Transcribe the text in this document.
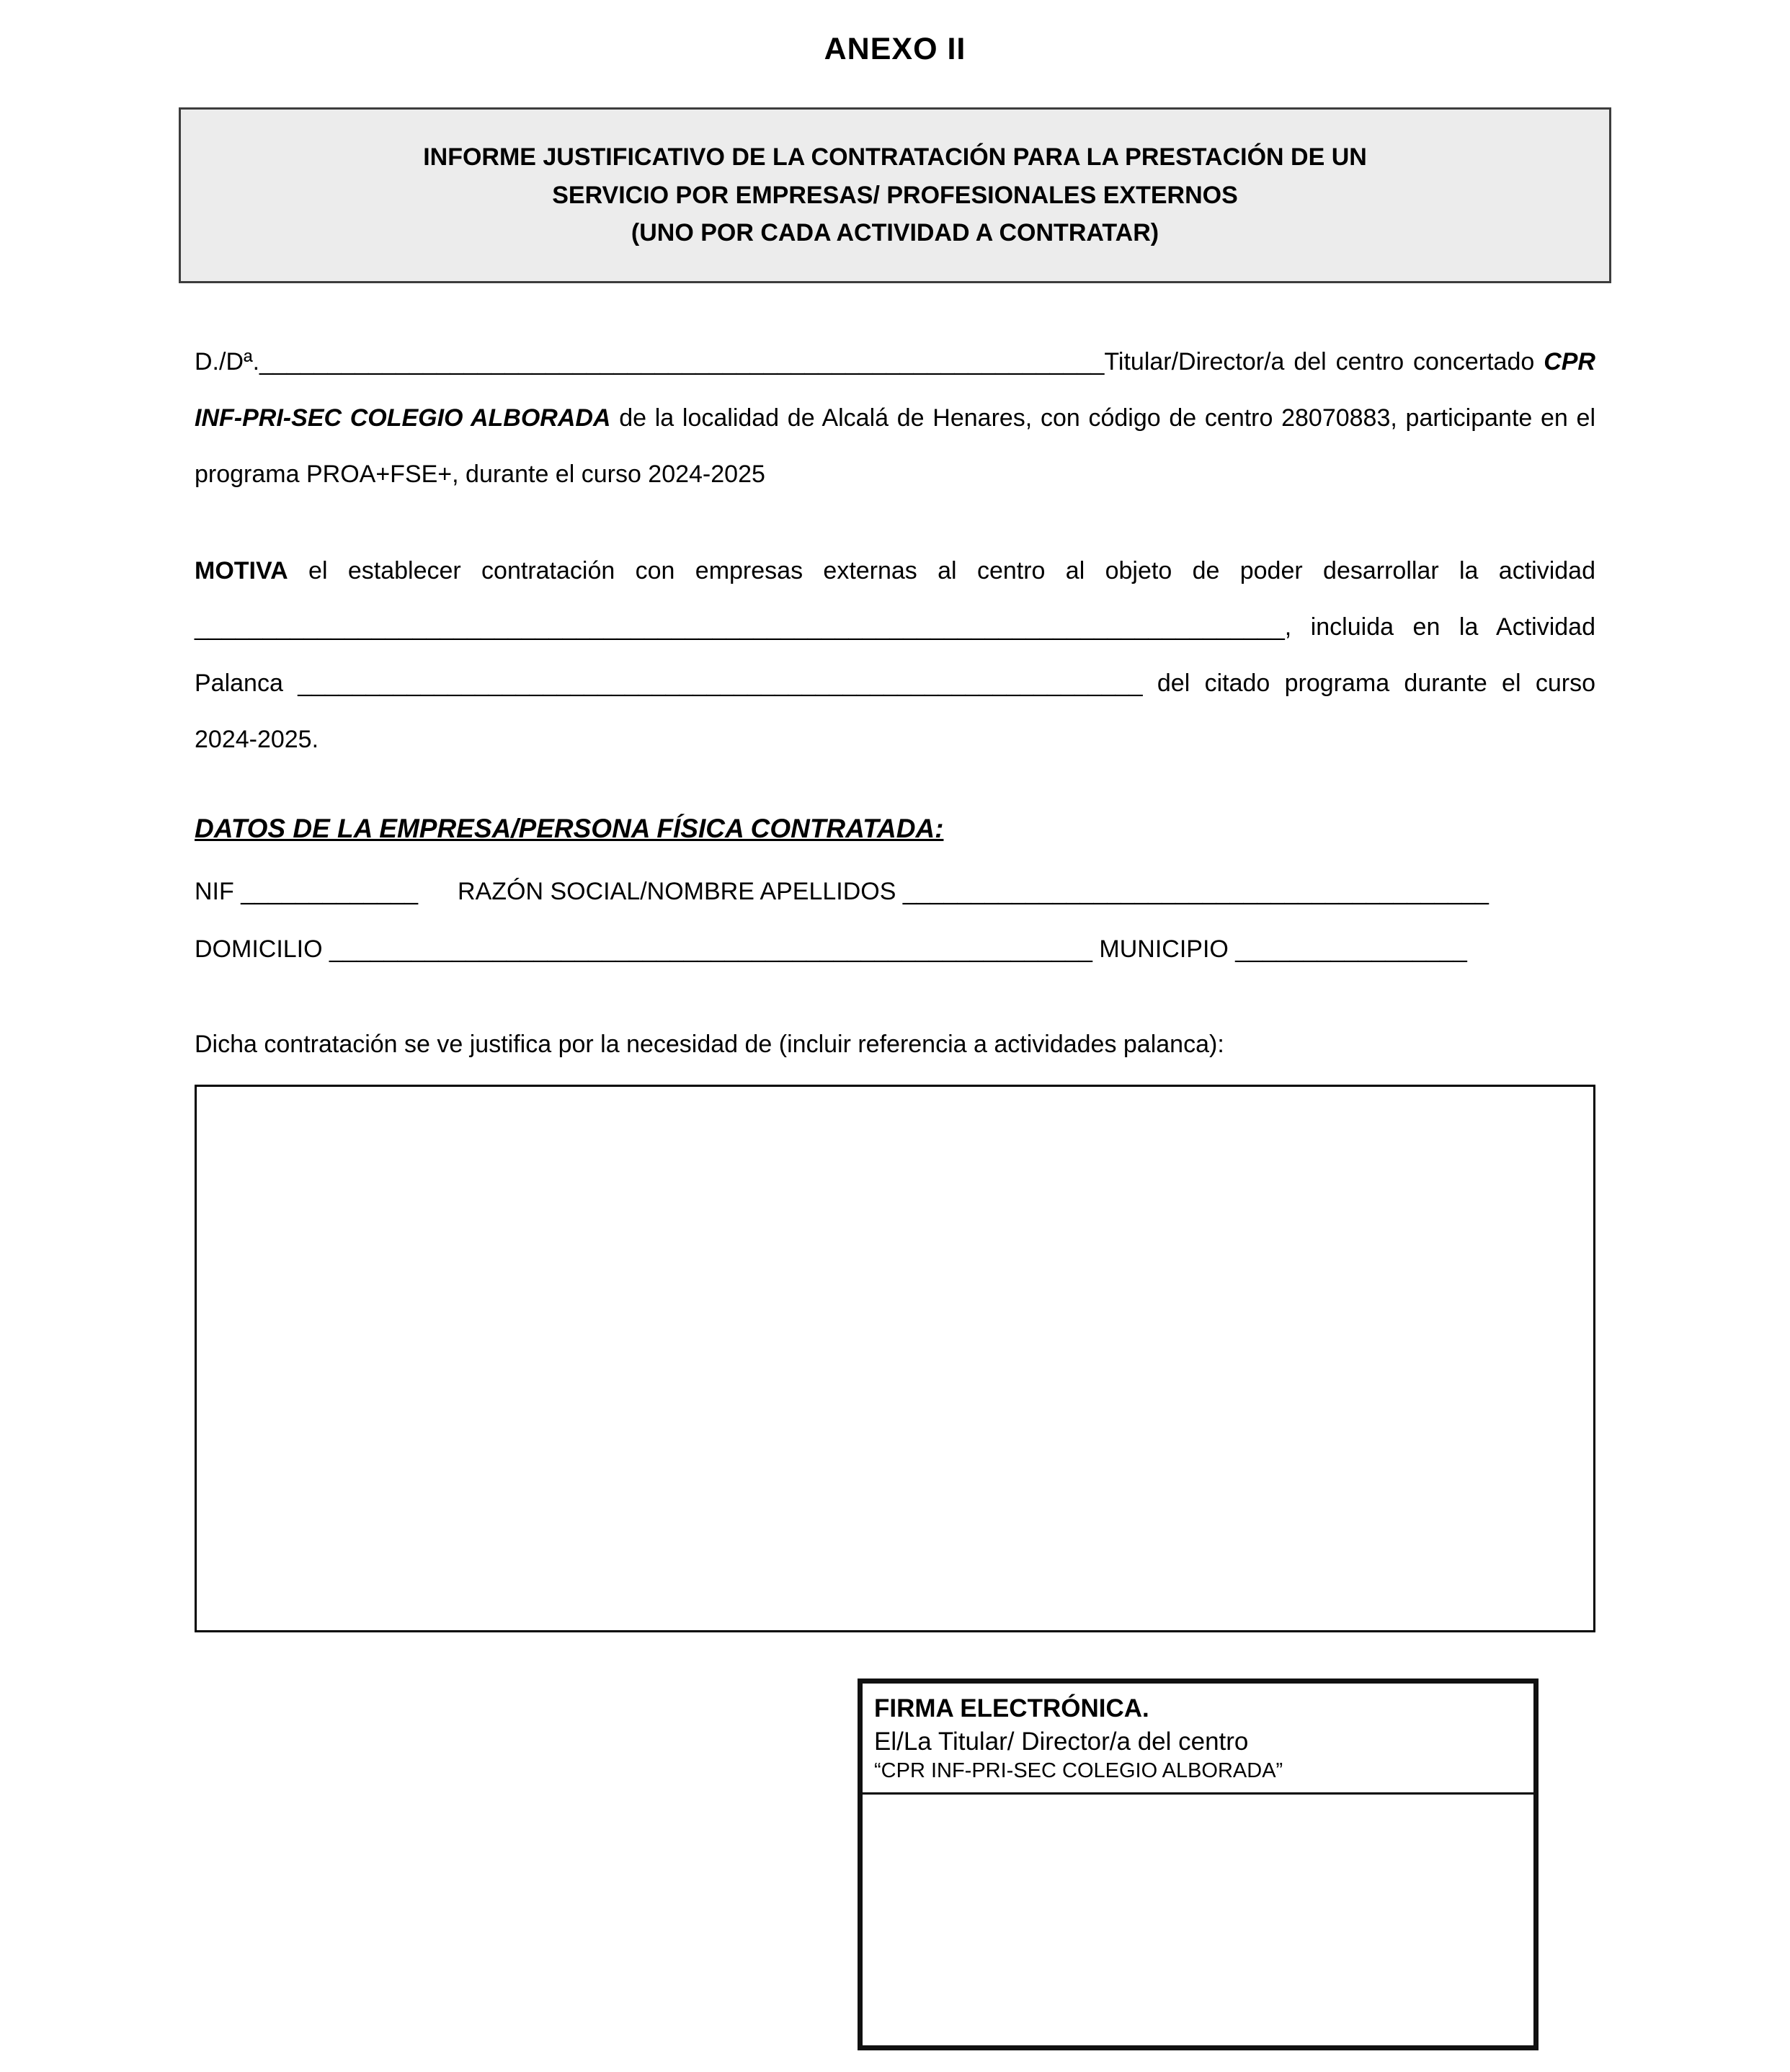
ANEXO II
INFORME JUSTIFICATIVO DE LA CONTRATACIÓN PARA LA PRESTACIÓN DE UN
SERVICIO POR EMPRESAS/ PROFESIONALES EXTERNOS
(UNO POR CADA ACTIVIDAD A CONTRATAR)

D./Dª.______________________________________________________________Titular/Director/a del centro concertado CPR INF-PRI-SEC COLEGIO ALBORADA de la localidad de Alcalá de Henares, con código de centro 28070883, participante en el programa PROA+FSE+, durante el curso 2024-2025

MOTIVA el establecer contratación con empresas externas al centro al objeto de poder desarrollar la actividad ________________________________________________________________________________, incluida en la Actividad Palanca ______________________________________________________________ del citado programa durante el curso 2024-2025.

DATOS DE LA EMPRESA/PERSONA FÍSICA CONTRATADA:
NIF _____________ RAZÓN SOCIAL/NOMBRE APELLIDOS ___________________________________________
DOMICILIO ________________________________________________________ MUNICIPIO _________________

Dicha contratación se ve justifica por la necesidad de (incluir referencia a actividades palanca):

FIRMA ELECTRÓNICA.
El/La Titular/ Director/a del centro
“CPR INF-PRI-SEC COLEGIO ALBORADA”
